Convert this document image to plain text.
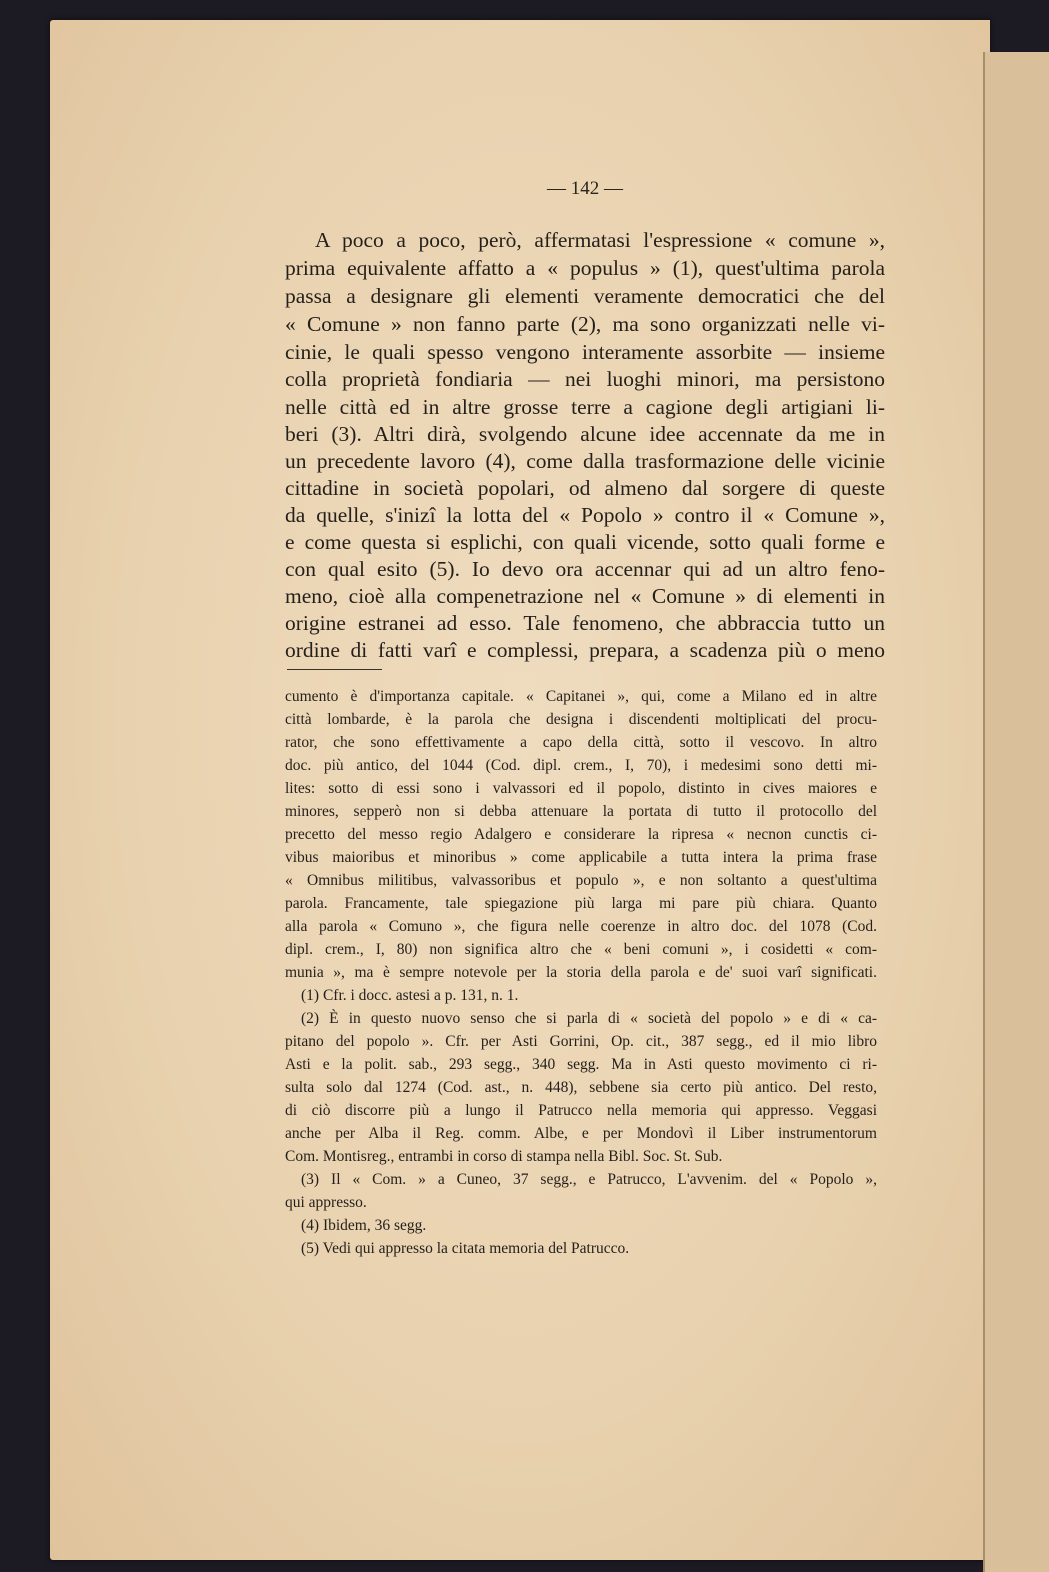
— 142 —
A poco a poco, però, affermatasi l'espressione « comune »,
prima equivalente affatto a « populus » (1), quest'ultima parola
passa a designare gli elementi veramente democratici che del
« Comune » non fanno parte (2), ma sono organizzati nelle vi-
cinie, le quali spesso vengono interamente assorbite — insieme
colla proprietà fondiaria — nei luoghi minori, ma persistono
nelle città ed in altre grosse terre a cagione degli artigiani li-
beri (3). Altri dirà, svolgendo alcune idee accennate da me in
un precedente lavoro (4), come dalla trasformazione delle vicinie
cittadine in società popolari, od almeno dal sorgere di queste
da quelle, s'inizî la lotta del « Popolo » contro il « Comune »,
e come questa si esplichi, con quali vicende, sotto quali forme e
con qual esito (5). Io devo ora accennar qui ad un altro feno-
meno, cioè alla compenetrazione nel « Comune » di elementi in
origine estranei ad esso. Tale fenomeno, che abbraccia tutto un
ordine di fatti varî e complessi, prepara, a scadenza più o meno
cumento è d'importanza capitale. « Capitanei », qui, come a Milano ed in altre
città lombarde, è la parola che designa i discendenti moltiplicati del procu-
rator, che sono effettivamente a capo della città, sotto il vescovo. In altro
doc. più antico, del 1044 (Cod. dipl. crem., I, 70), i medesimi sono detti mi-
lites: sotto di essi sono i valvassori ed il popolo, distinto in cives maiores e
minores, sepperò non si debba attenuare la portata di tutto il protocollo del
precetto del messo regio Adalgero e considerare la ripresa « necnon cunctis ci-
vibus maioribus et minoribus » come applicabile a tutta intera la prima frase
« Omnibus militibus, valvassoribus et populo », e non soltanto a quest'ultima
parola. Francamente, tale spiegazione più larga mi pare più chiara. Quanto
alla parola « Comuno », che figura nelle coerenze in altro doc. del 1078 (Cod.
dipl. crem., I, 80) non significa altro che « beni comuni », i cosidetti « com-
munia », ma è sempre notevole per la storia della parola e de' suoi varî significati.
(1) Cfr. i docc. astesi a p. 131, n. 1.
(2) È in questo nuovo senso che si parla di « società del popolo » e di « ca-
pitano del popolo ». Cfr. per Asti Gorrini, Op. cit., 387 segg., ed il mio libro
Asti e la polit. sab., 293 segg., 340 segg. Ma in Asti questo movimento ci ri-
sulta solo dal 1274 (Cod. ast., n. 448), sebbene sia certo più antico. Del resto,
di ciò discorre più a lungo il Patrucco nella memoria qui appresso. Veggasi
anche per Alba il Reg. comm. Albe, e per Mondovì il Liber instrumentorum
Com. Montisreg., entrambi in corso di stampa nella Bibl. Soc. St. Sub.
(3) Il « Com. » a Cuneo, 37 segg., e Patrucco, L'avvenim. del « Popolo »,
qui appresso.
(4) Ibidem, 36 segg.
(5) Vedi qui appresso la citata memoria del Patrucco.
